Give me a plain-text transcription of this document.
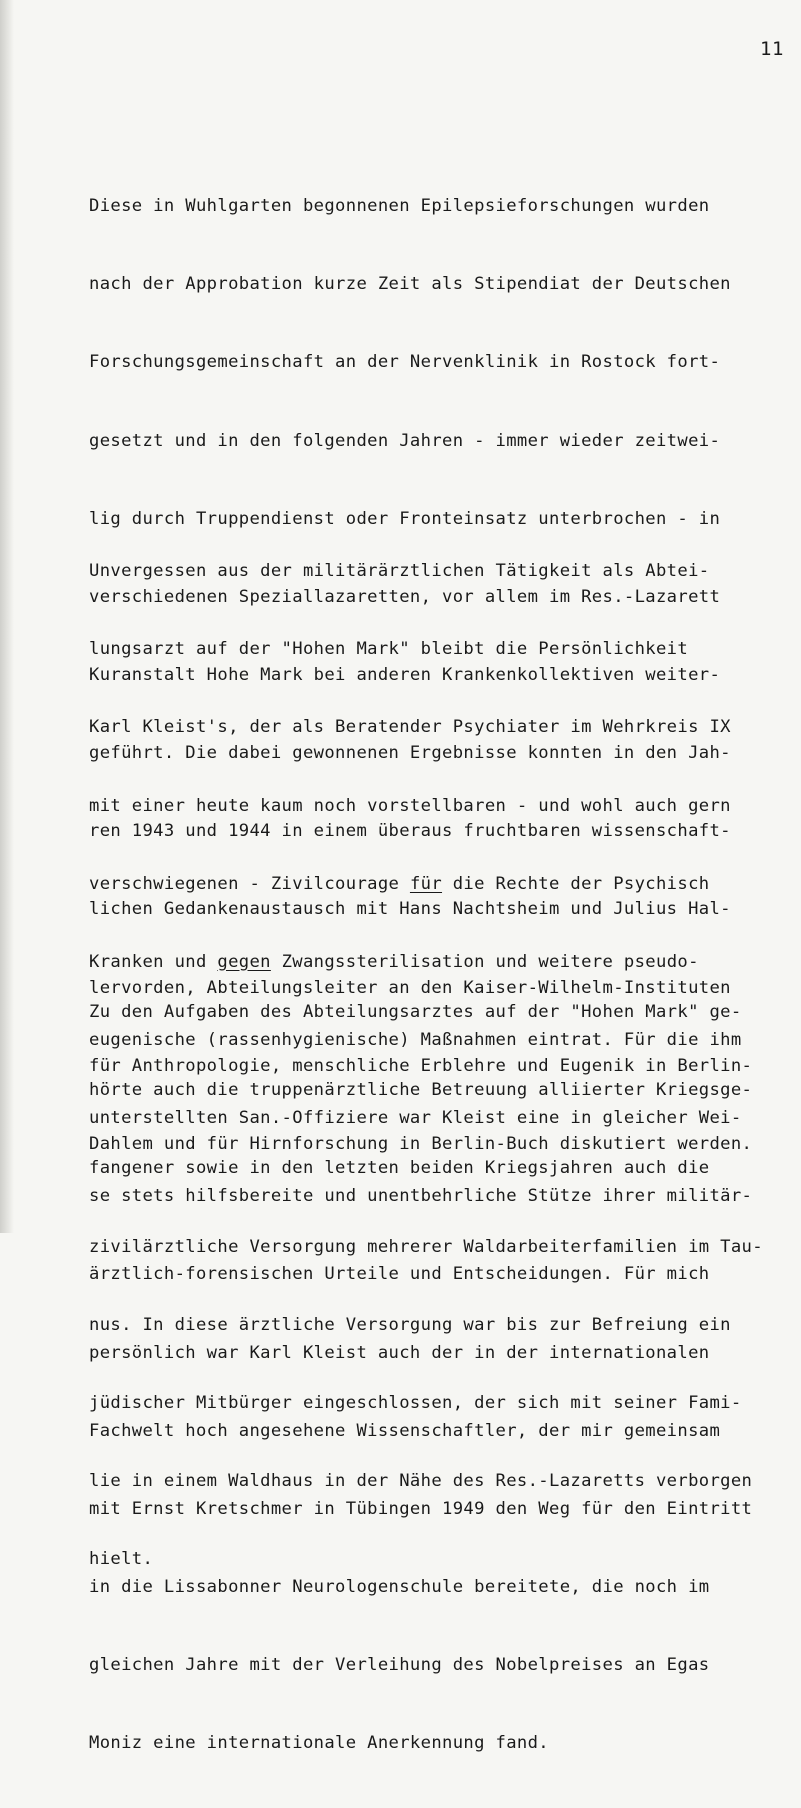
11

Diese in Wuhlgarten begonnenen Epilepsieforschungen wurden

nach der Approbation kurze Zeit als Stipendiat der Deutschen

Forschungsgemeinschaft an der Nervenklinik in Rostock fort-

gesetzt und in den folgenden Jahren - immer wieder zeitwei-

lig durch Truppendienst oder Fronteinsatz unterbrochen - in

verschiedenen Speziallazaretten, vor allem im Res.-Lazarett

Kuranstalt Hohe Mark bei anderen Krankenkollektiven weiter-

geführt. Die dabei gewonnenen Ergebnisse konnten in den Jah-

ren 1943 und 1944 in einem überaus fruchtbaren wissenschaft-

lichen Gedankenaustausch mit Hans Nachtsheim und Julius Hal-

lervorden, Abteilungsleiter an den Kaiser-Wilhelm-Instituten

für Anthropologie, menschliche Erblehre und Eugenik in Berlin-

Dahlem und für Hirnforschung in Berlin-Buch diskutiert werden.

Unvergessen aus der militärärztlichen Tätigkeit als Abtei-

lungsarzt auf der "Hohen Mark" bleibt die Persönlichkeit

Karl Kleist's, der als Beratender Psychiater im Wehrkreis IX

mit einer heute kaum noch vorstellbaren - und wohl auch gern

verschwiegenen - Zivilcourage für die Rechte der Psychisch

Kranken und gegen Zwangssterilisation und weitere pseudo-

eugenische (rassenhygienische) Maßnahmen eintrat. Für die ihm

unterstellten San.-Offiziere war Kleist eine in gleicher Wei-

se stets hilfsbereite und unentbehrliche Stütze ihrer militär-

ärztlich-forensischen Urteile und Entscheidungen. Für mich

persönlich war Karl Kleist auch der in der internationalen

Fachwelt hoch angesehene Wissenschaftler, der mir gemeinsam

mit Ernst Kretschmer in Tübingen 1949 den Weg für den Eintritt

in die Lissabonner Neurologenschule bereitete, die noch im

gleichen Jahre mit der Verleihung des Nobelpreises an Egas

Moniz eine internationale Anerkennung fand.

Zu den Aufgaben des Abteilungsarztes auf der "Hohen Mark" ge-

hörte auch die truppenärztliche Betreuung alliierter Kriegsge-

fangener sowie in den letzten beiden Kriegsjahren auch die

zivilärztliche Versorgung mehrerer Waldarbeiterfamilien im Tau-

nus. In diese ärztliche Versorgung war bis zur Befreiung ein

jüdischer Mitbürger eingeschlossen, der sich mit seiner Fami-

lie in einem Waldhaus in der Nähe des Res.-Lazaretts verborgen

hielt.
